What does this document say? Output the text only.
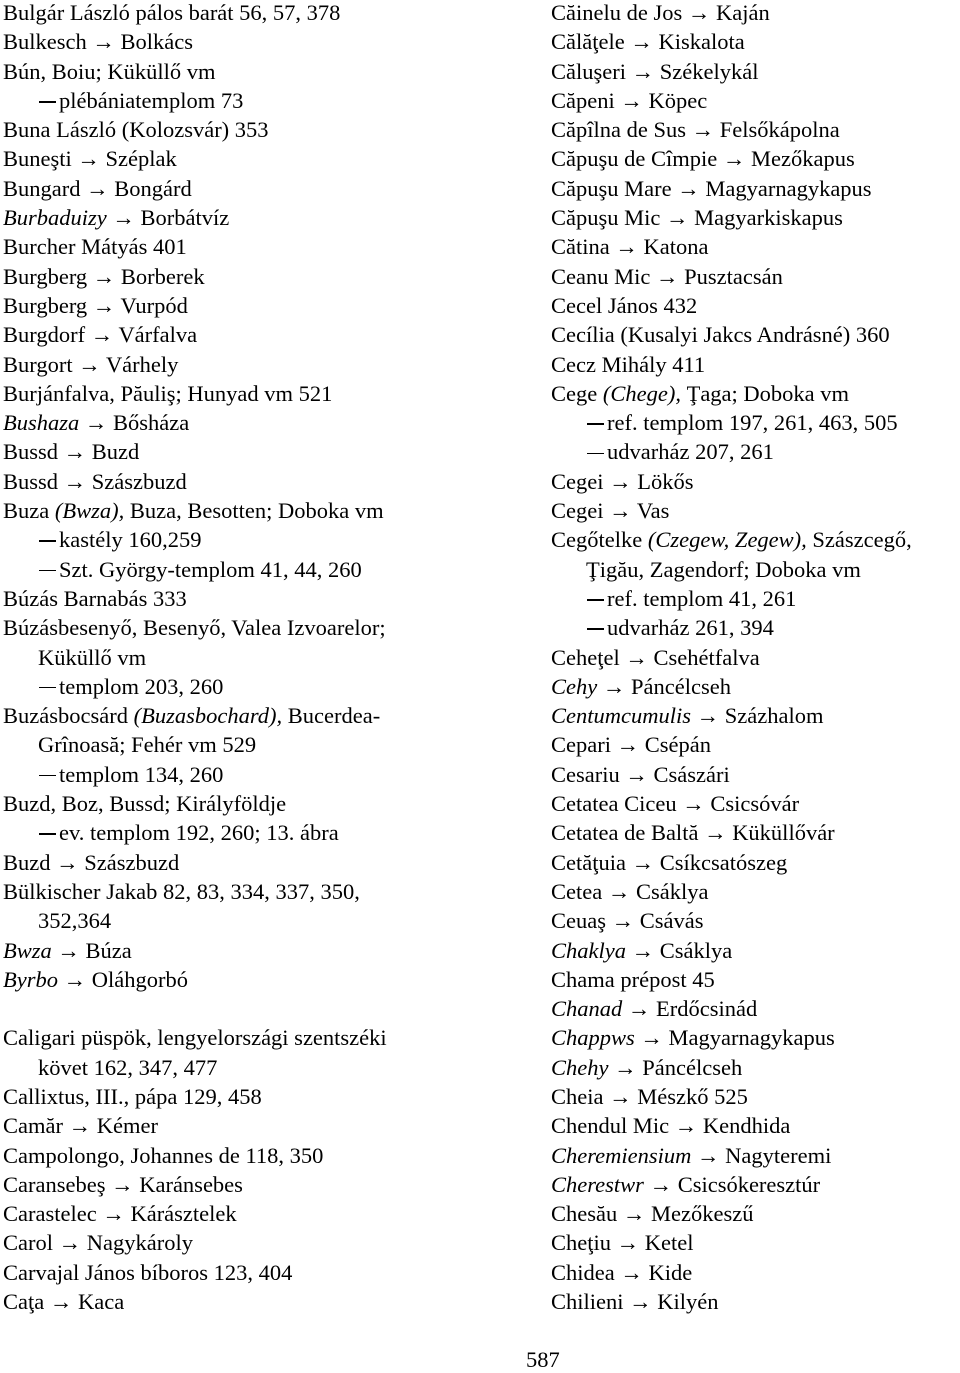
Bulgár László pálos barát 56, 57, 378
Bulkesch → Bolkács
Bún, Boiu; Küküllő vm
plébániatemplom 73
Buna László (Kolozsvár) 353
Buneşti → Széplak
Bungard → Bongárd
Burbaduizy → Borbátvíz
Burcher Mátyás 401
Burgberg → Borberek
Burgberg → Vurpód
Burgdorf → Várfalva
Burgort → Várhely
Burjánfalva, Păuliş; Hunyad vm 521
Bushaza → Bősháza
Bussd → Buzd
Bussd → Szászbuzd
Buza (Bwza), Buza, Besotten; Doboka vm
kastély 160,259
Szt. György-templom 41, 44, 260
Búzás Barnabás 333
Búzásbesenyő, Besenyő, Valea Izvoarelor;
Küküllő vm
templom 203, 260
Buzásbocsárd (Buzasbochard), Bucerdea-
Grînoasă; Fehér vm 529
templom 134, 260
Buzd, Boz, Bussd; Királyföldje
ev. templom 192, 260; 13. ábra
Buzd → Szászbuzd
Bülkischer Jakab 82, 83, 334, 337, 350,
352,364
Bwza → Búza
Byrbo → Oláhgorbó
Caligari püspök, lengyelországi szentszéki
követ 162, 347, 477
Callixtus, III., pápa 129, 458
Camăr → Kémer
Campolongo, Johannes de 118, 350
Caransebeş → Karánsebes
Carastelec → Kárásztelek
Carol → Nagykároly
Carvajal János bíboros 123, 404
Caţa → Kaca
Căinelu de Jos → Kaján
Călăţele → Kiskalota
Căluşeri → Székelykál
Căpeni → Köpec
Căpîlna de Sus → Felsőkápolna
Căpuşu de Cîmpie → Mezőkapus
Căpuşu Mare → Magyarnagykapus
Căpuşu Mic → Magyarkiskapus
Cătina → Katona
Ceanu Mic → Pusztacsán
Cecel János 432
Cecília (Kusalyi Jakcs Andrásné) 360
Cecz Mihály 411
Cege (Chege), Ţaga; Doboka vm
ref. templom 197, 261, 463, 505
udvarház 207, 261
Cegei → Lökős
Cegei → Vas
Cegőtelke (Czegew, Zegew), Szászcegő,
Ţigău, Zagendorf; Doboka vm
ref. templom 41, 261
udvarház 261, 394
Ceheţel → Csehétfalva
Cehy → Páncélcseh
Centumcumulis → Százhalom
Cepari → Csépán
Cesariu → Császári
Cetatea Ciceu → Csicsóvár
Cetatea de Baltă → Küküllővár
Cetăţuia → Csíkcsatószeg
Cetea → Csáklya
Ceuaş → Csávás
Chaklya → Csáklya
Chama prépost 45
Chanad → Erdőcsinád
Chappws → Magyarnagykapus
Chehy → Páncélcseh
Cheia → Mészkő 525
Chendul Mic → Kendhida
Cheremiensium → Nagyteremi
Cherestwr → Csicsókeresztúr
Chesău → Mezőkeszű
Cheţiu → Ketel
Chidea → Kide
Chilieni → Kilyén
587
